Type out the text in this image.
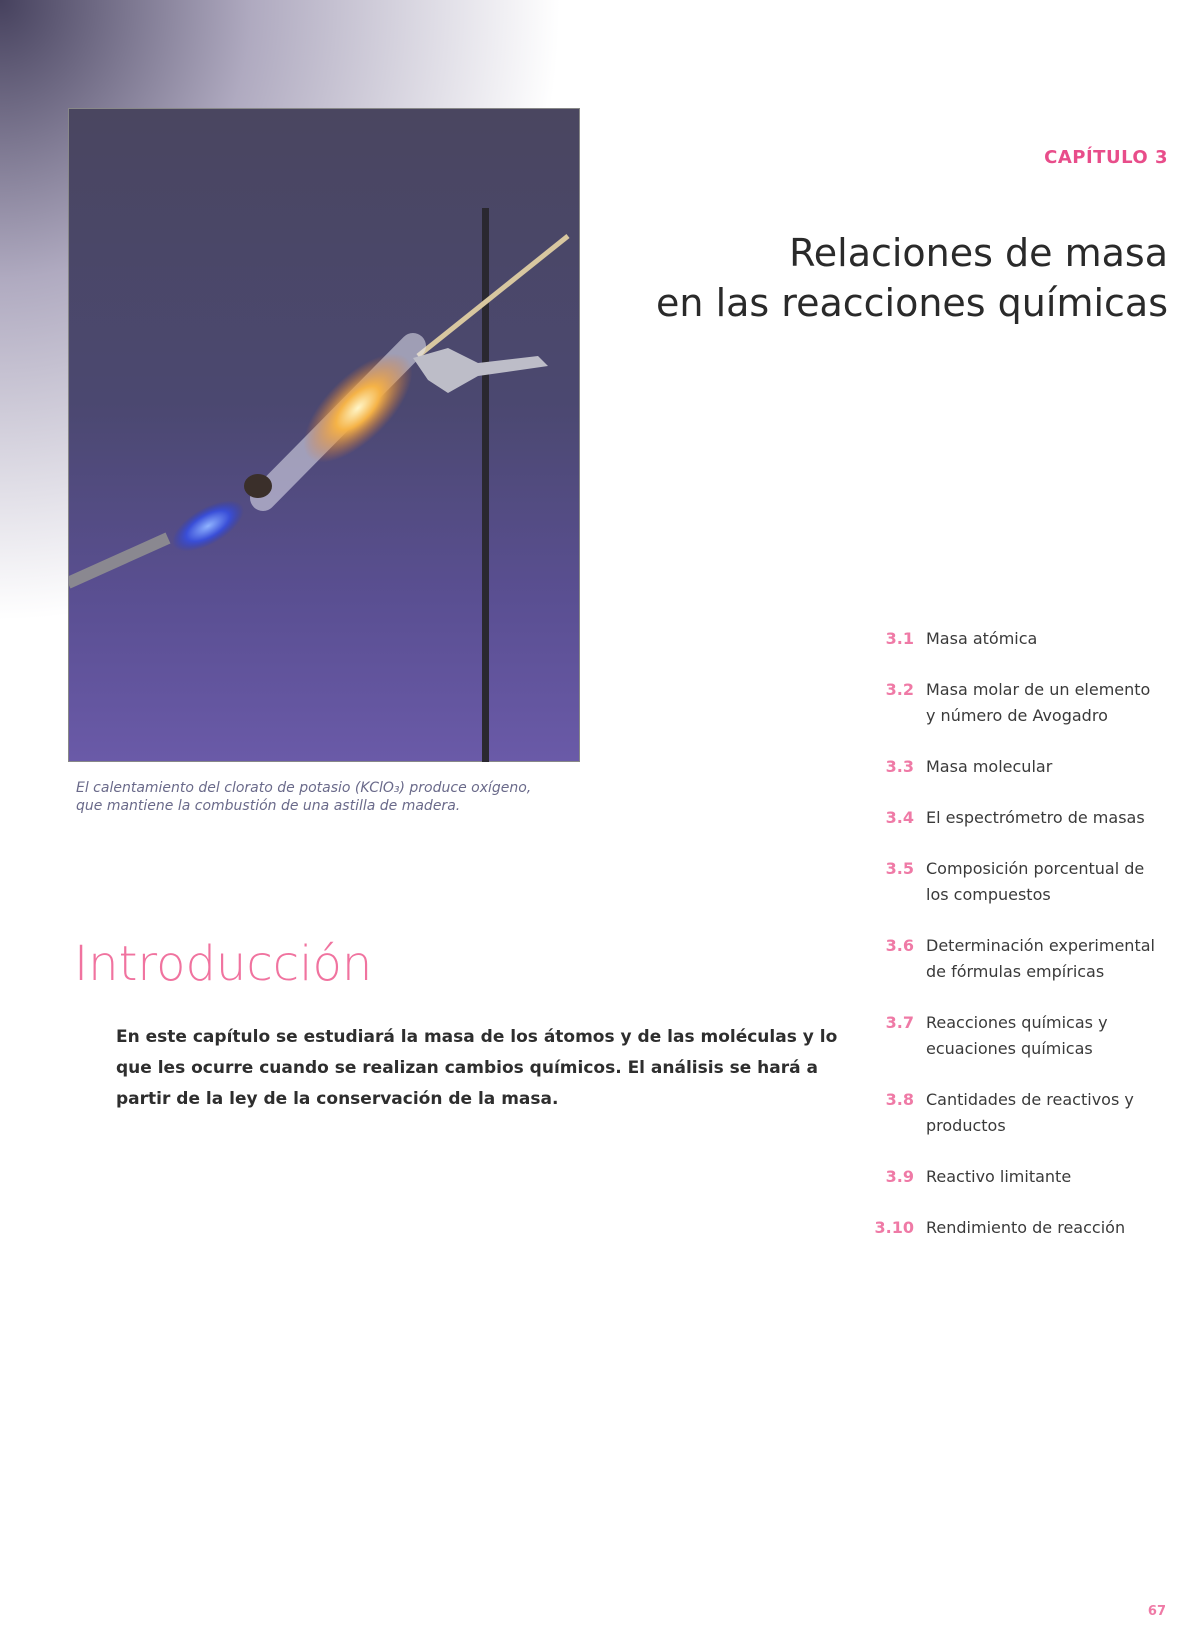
El calentamiento del clorato de potasio (KClO₃) produce oxígeno,
que mantiene la combustión de una astilla de madera.
CAPÍTULO 3
Relaciones de masa
en las reacciones químicas
Introducción
En este capítulo se estudiará la masa de los átomos y de las moléculas y lo que les ocurre cuando se realizan cambios químicos. El análisis se hará a partir de la ley de la conservación de la masa.
3.1 Masa atómica
3.2 Masa molar de un elemento y número de Avogadro
3.3 Masa molecular
3.4 El espectrómetro de masas
3.5 Composición porcentual de los compuestos
3.6 Determinación experimental de fórmulas empíricas
3.7 Reacciones químicas y ecuaciones químicas
3.8 Cantidades de reactivos y productos
3.9 Reactivo limitante
3.10 Rendimiento de reacción
67
